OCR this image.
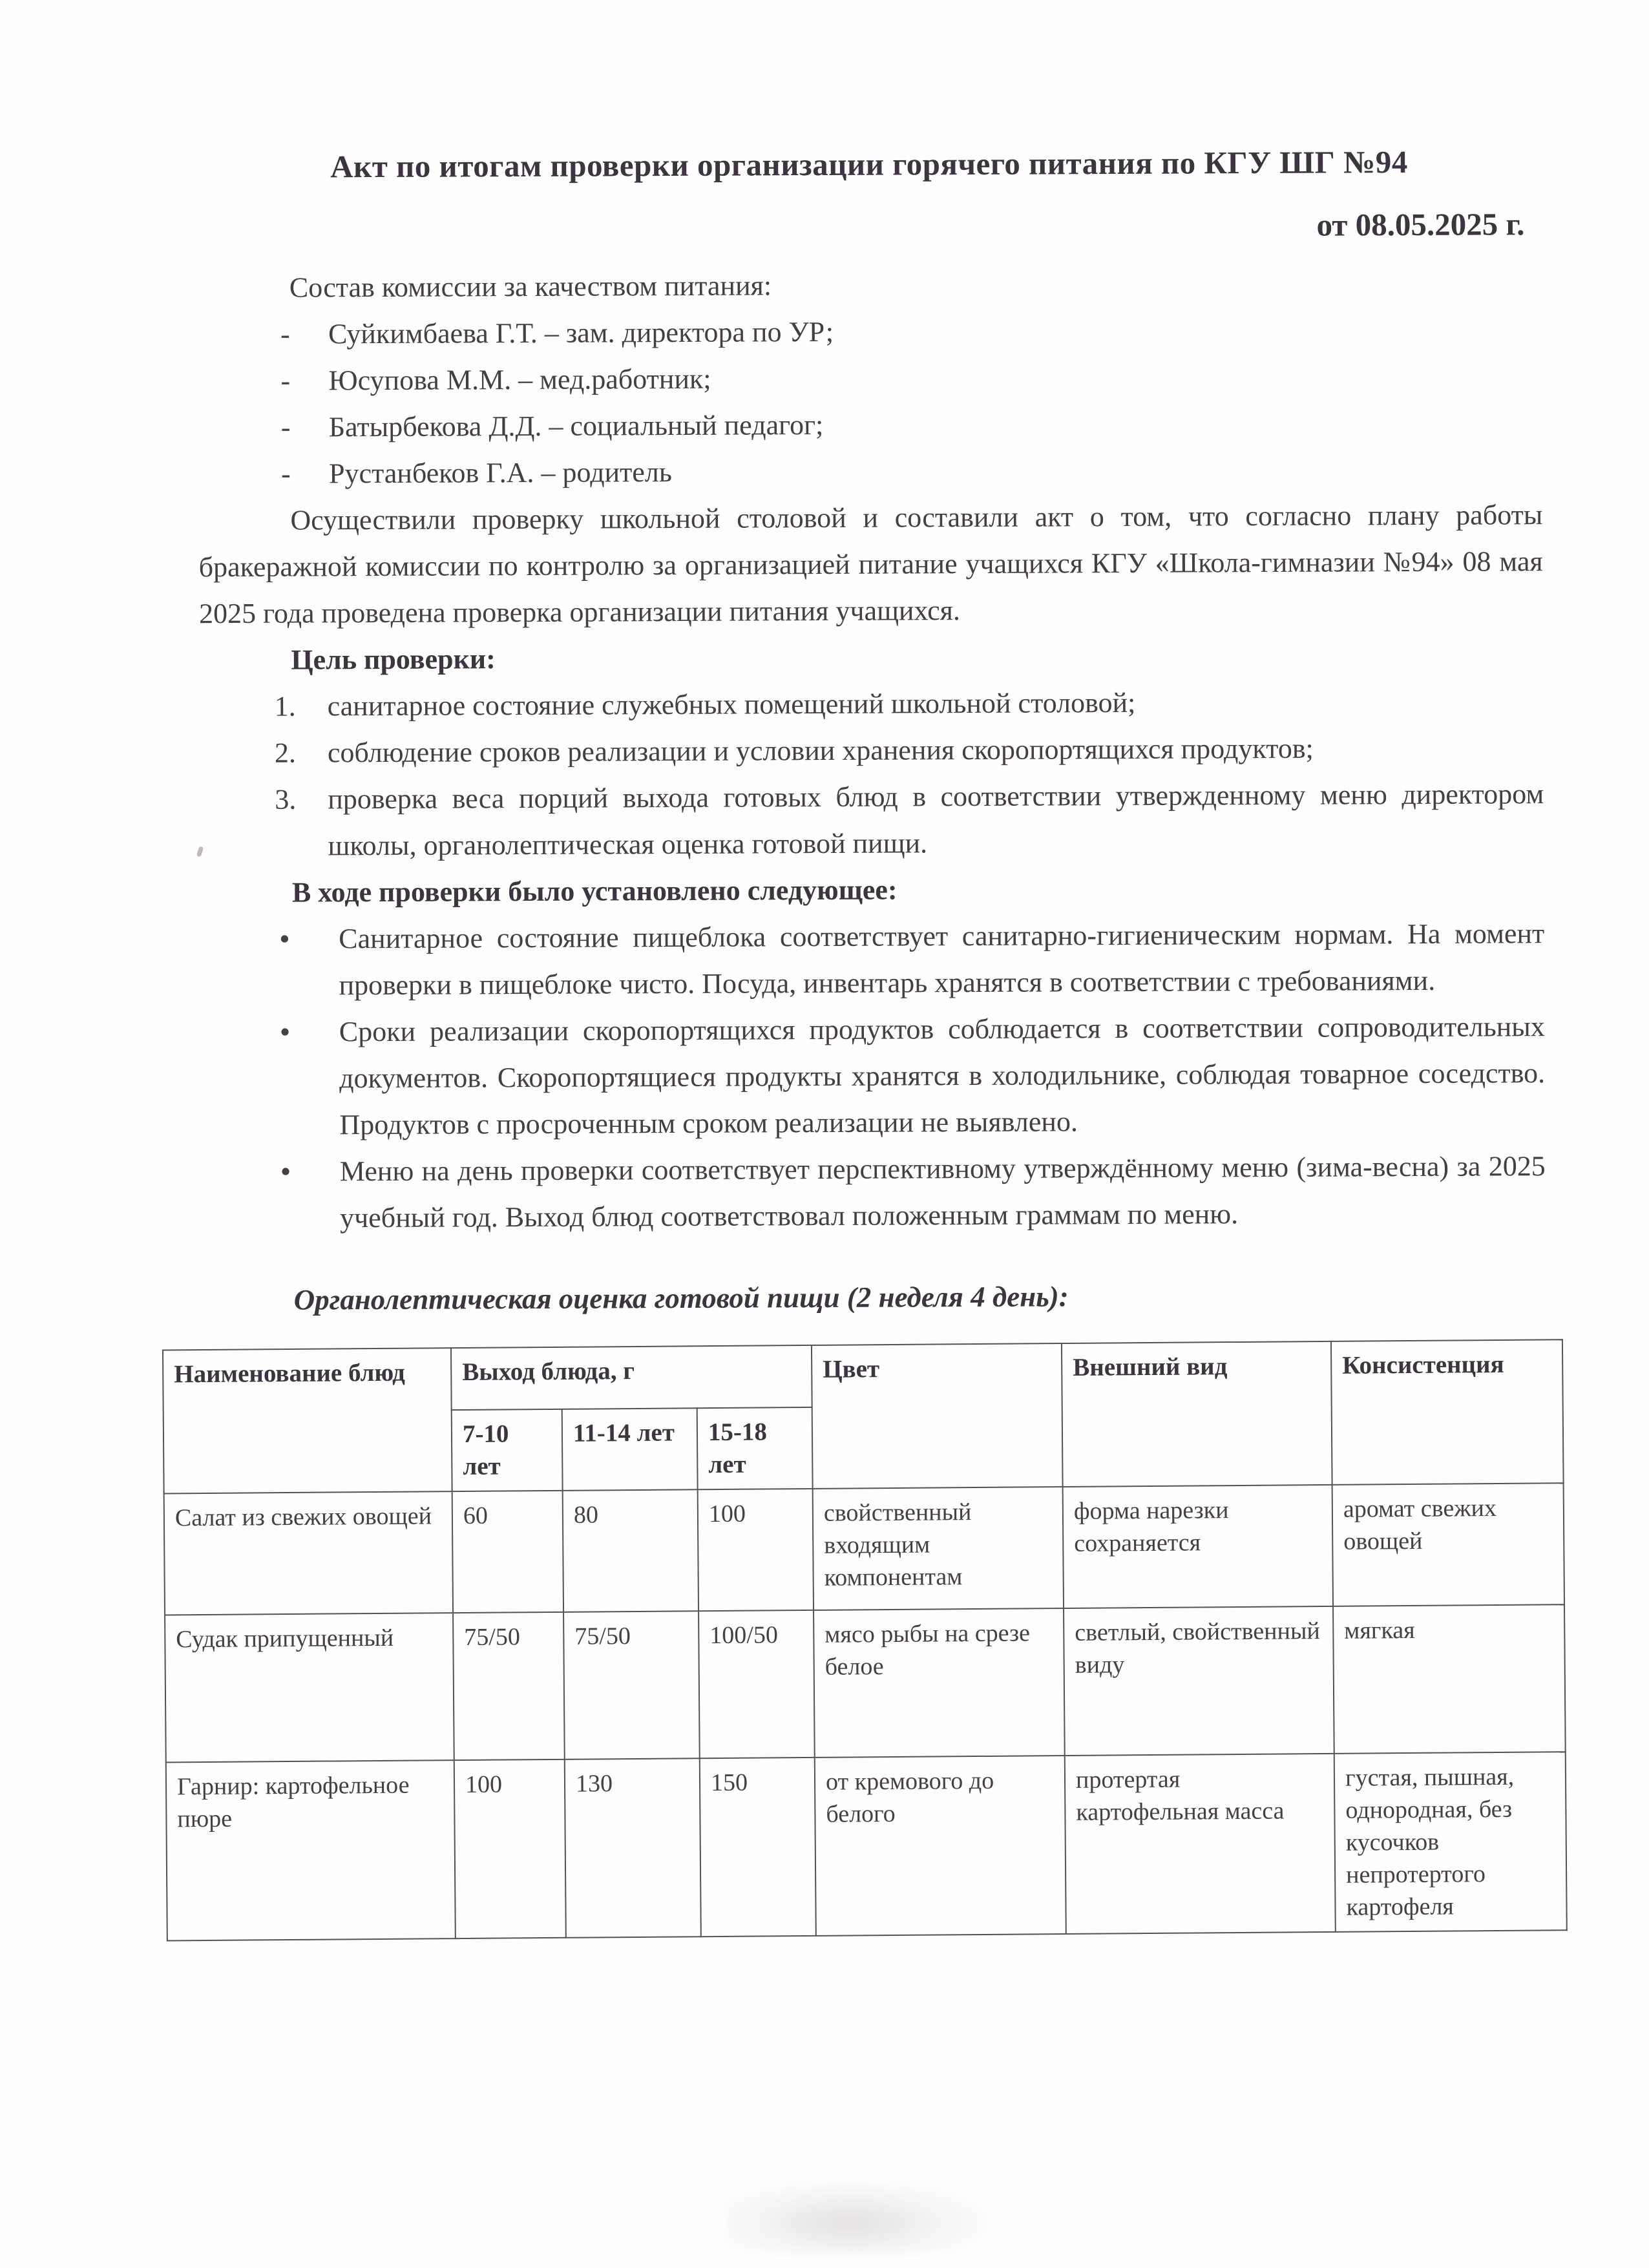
Акт по итогам проверки организации горячего питания по КГУ ШГ №94
от 08.05.2025 г.

Состав комиссии за качеством питания:

-	Суйкимбаева Г.Т. – зам. директора по УР;
-	Юсупова М.М. – мед.работник;
-	Батырбекова Д.Д. – социальный педагог;
-	Рустанбеков Г.А. – родитель

Осуществили проверку школьной столовой и составили акт о том, что согласно плану работы бракеражной комиссии по контролю за организацией питание учащихся КГУ «Школа-гимназии №94» 08 мая 2025 года проведена проверка организации питания учащихся.

Цель проверки:

1.	санитарное состояние служебных помещений школьной столовой;
2.	соблюдение сроков реализации и условии хранения скоропортящихся продуктов;
3.	проверка веса порций выхода готовых блюд в соответствии утвержденному меню директором школы, органолептическая оценка готовой пищи.

В ходе проверки было установлено следующее:

•	Санитарное состояние пищеблока соответствует санитарно-гигиеническим нормам. На момент проверки в пищеблоке чисто. Посуда, инвентарь хранятся в соответствии с требованиями.
•	Сроки реализации скоропортящихся продуктов соблюдается в соответствии сопроводительных документов. Скоропортящиеся продукты хранятся в холодильнике, соблюдая товарное соседство. Продуктов с просроченным сроком реализации не выявлено.
•	Меню на день проверки соответствует перспективному утверждённому меню (зима-весна) за 2025 учебный год. Выход блюд соответствовал положенным граммам по меню.

Органолептическая оценка готовой пищи (2 неделя 4 день):

Наименование блюд	Выход блюда, г			Цвет	Внешний вид	Консистенция
	7-10 лет	11-14 лет	15-18 лет			
Салат из свежих овощей	60	80	100	свойственный входящим компонентам	форма нарезки сохраняется	аромат свежих овощей
Судак припущенный	75/50	75/50	100/50	мясо рыбы на срезе белое	светлый, свойственный виду	мягкая
Гарнир: картофельное пюре	100	130	150	от кремового до белого	протертая картофельная масса	густая, пышная, однородная, без кусочков непротертого картофеля
